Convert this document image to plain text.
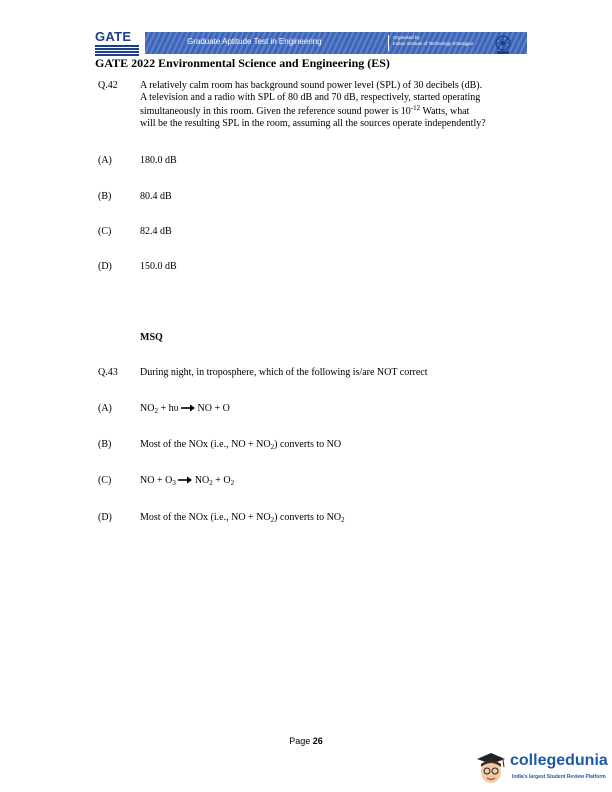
GATE	Graduate Aptitude Test in Engineering	Organised by
Indian Institute of Technology Kharagpur
GATE 2022 Environmental Science and Engineering (ES)
Q.42 A relatively calm room has background sound power level (SPL) of 30 decibels (dB).
A television and a radio with SPL of 80 dB and 70 dB, respectively, started operating
simultaneously in this room. Given the reference sound power is $10^{-12}$ Watts, what
will be the resulting SPL in the room, assuming all the sources operate independently?
(A)	180.0 dB
(B)	80.4 dB
(C)	82.4 dB
(D)	150.0 dB
MSQ
Q.43 During night, in troposphere, which of the following is/are NOT correct
(A)	$NO_2 + h\upsilon$ → NO + O
(B)	Most of the NOx (i.e., NO + $NO_2$) converts to NO
(C)	NO + $O_3 \to NO_2 + O_2$
(D)	Most of the NOx (i.e., NO + $NO_2$) converts to $NO_2$
Page 26
collegedunia
India's largest Student Review Platform
